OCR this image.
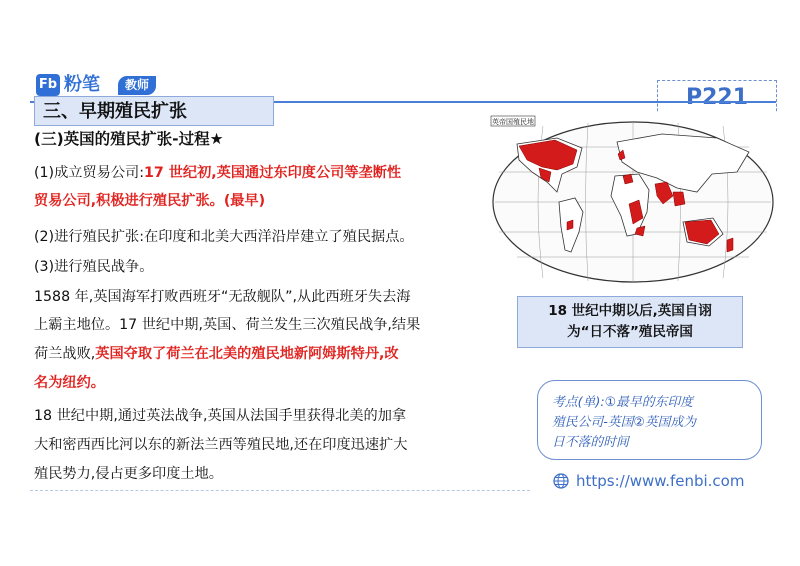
Fb 粉笔	教师	P221
三、早期殖民扩张
(三)英国的殖民扩张-过程★
(1)成立贸易公司:17 世纪初,英国通过东印度公司等垄断性
贸易公司,积极进行殖民扩张。(最早)
(2)进行殖民扩张:在印度和北美大西洋沿岸建立了殖民据点。
(3)进行殖民战争。
1588 年,英国海军打败西班牙“无敌舰队”,从此西班牙失去海
上霸主地位。17 世纪中期,英国、荷兰发生三次殖民战争,结果
荷兰战败,英国夺取了荷兰在北美的殖民地新阿姆斯特丹,改
名为纽约。
18 世纪中期,通过英法战争,英国从法国手里获得北美的加拿
大和密西西比河以东的新法兰西等殖民地,还在印度迅速扩大
殖民势力,侵占更多印度土地。
英帝国殖民地
18 世纪中期以后,英国自诩
为“日不落”殖民帝国
考点(单):①最早的东印度
殖民公司-英国②英国成为
日不落的时间
https://www.fenbi.com
